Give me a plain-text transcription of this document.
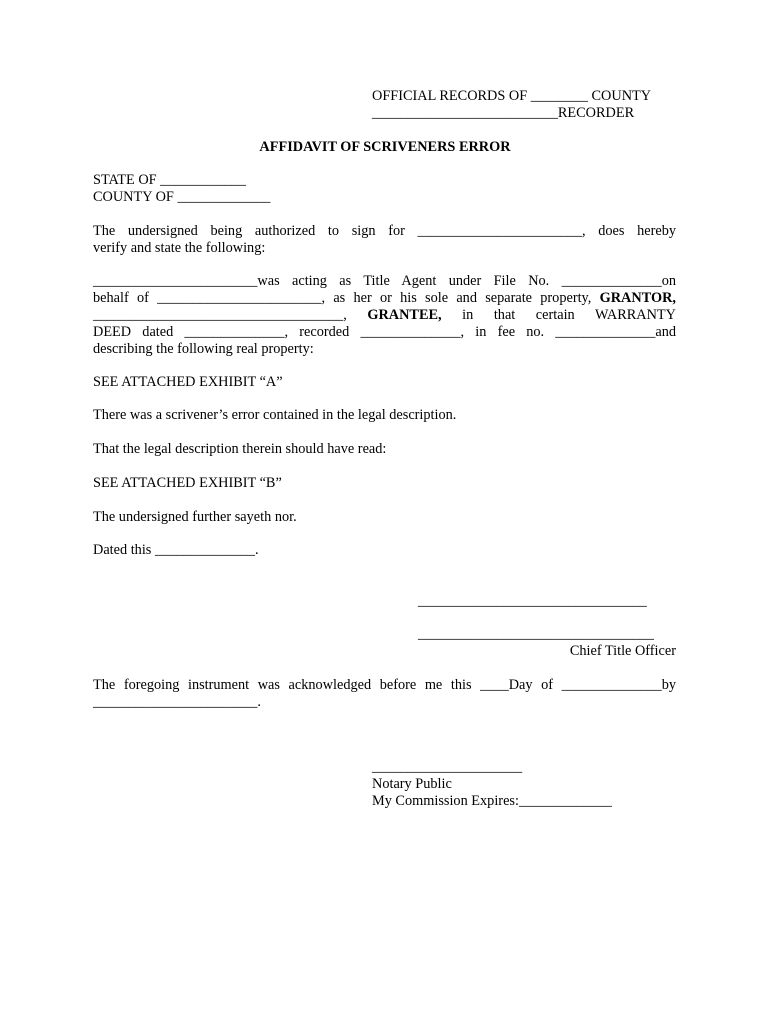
OFFICIAL RECORDS OF ________ COUNTY
__________________________RECORDER
AFFIDAVIT OF SCRIVENERS ERROR
STATE OF ____________
COUNTY OF _____________
The undersigned being authorized to sign for _______________________, does hereby
verify and state the following:
_______________________was acting as Title Agent under File No. ______________on
behalf of _______________________, as her or his sole and separate property, GRANTOR,
___________________________________, GRANTEE, in that certain WARRANTY
DEED dated ______________, recorded ______________, in fee no. ______________and
describing the following real property:
SEE ATTACHED EXHIBIT “A”
There was a scrivener’s error contained in the legal description.
That the legal description therein should have read:
SEE ATTACHED EXHIBIT “B”
The undersigned further sayeth nor.
Dated this ______________.
________________________________
_________________________________
Chief Title Officer
The foregoing instrument was acknowledged before me this ____Day of ______________by
_______________________.
_____________________
Notary Public
My Commission Expires:_____________
